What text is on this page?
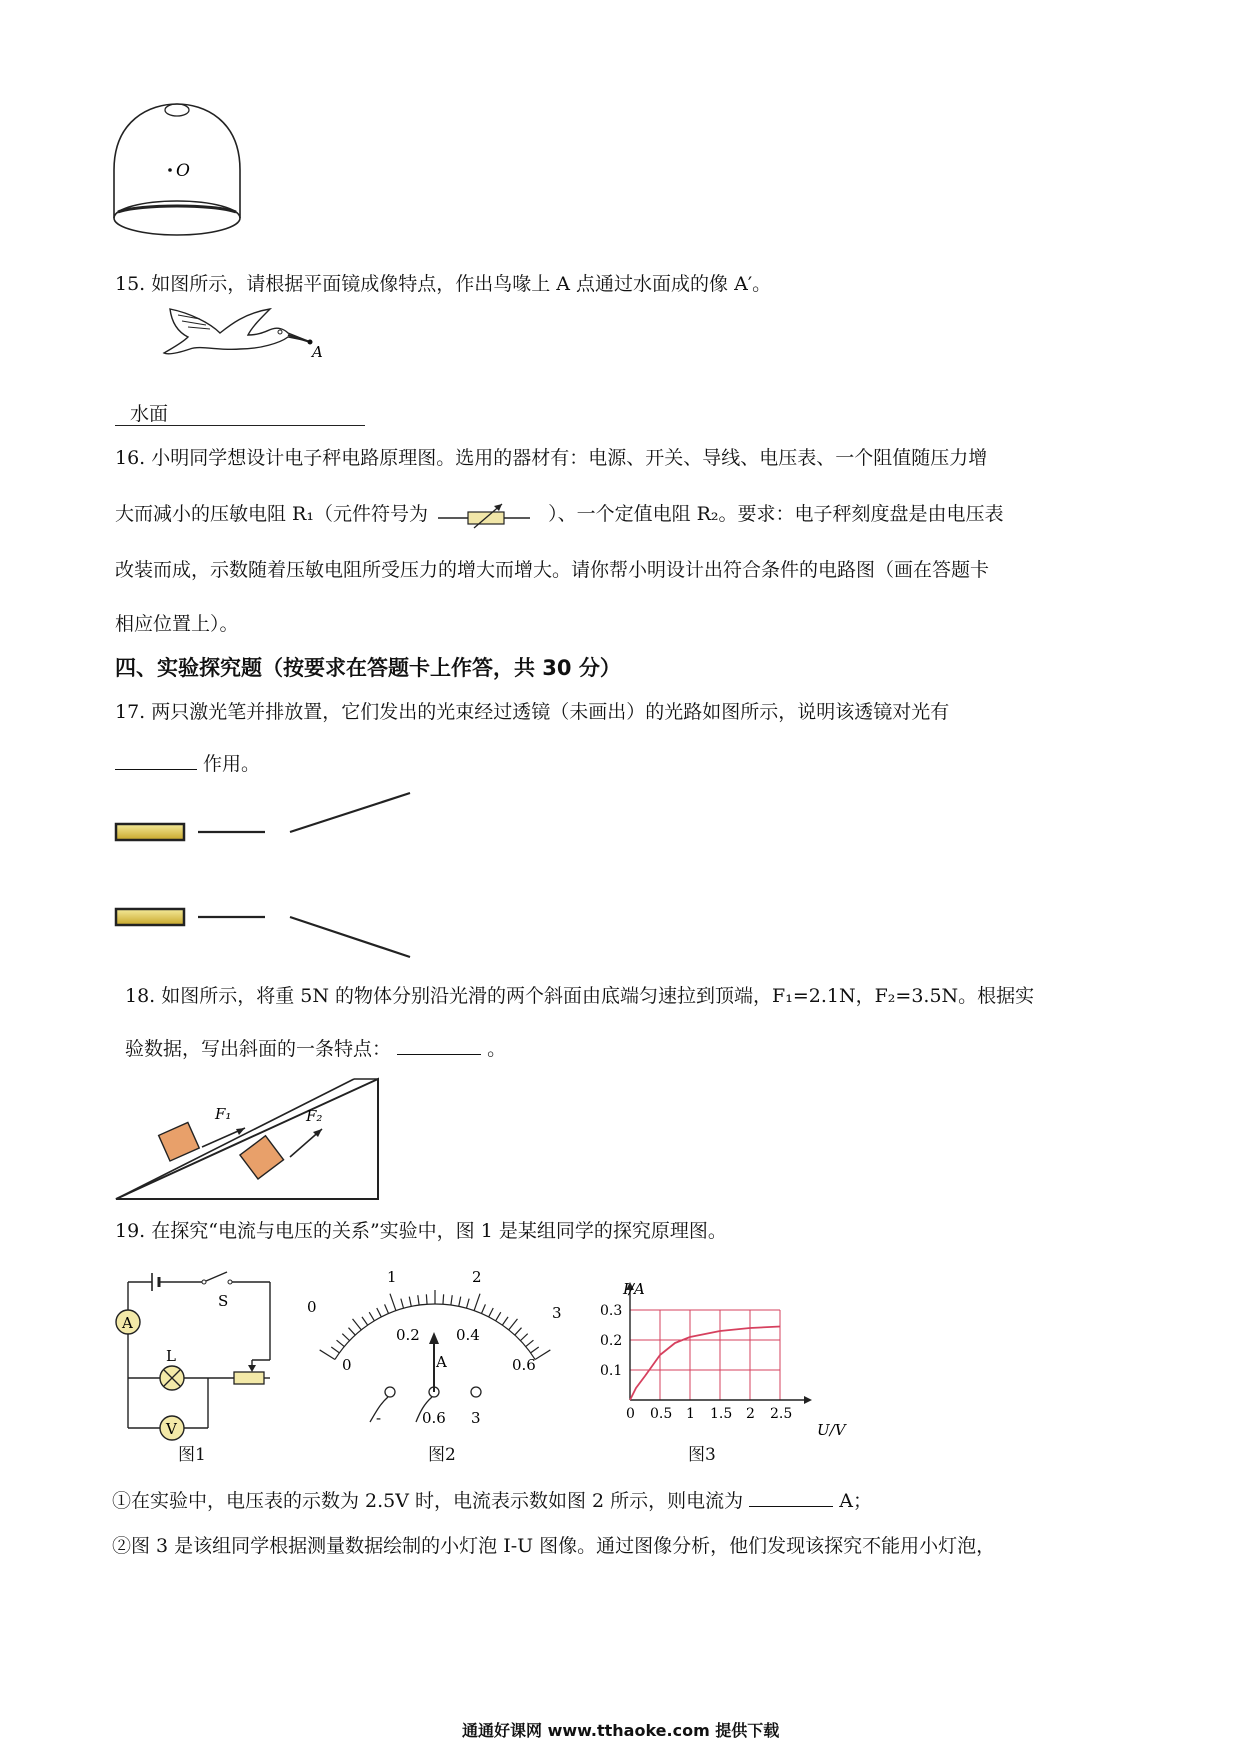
O
15. 如图所示，请根据平面镜成像特点，作出鸟喙上 A 点通过水面成的像 A′。
A
水面
16. 小明同学想设计电子秤电路原理图。选用的器材有：电源、开关、导线、电压表、一个阻值随压力增
大而减小的压敏电阻 R₁（元件符号为	）、一个定值电阻 R₂。要求：电子秤刻度盘是由电压表
改装而成，示数随着压敏电阻所受压力的增大而增大。请你帮小明设计出符合条件的电路图（画在答题卡
相应位置上）。
四、实验探究题（按要求在答题卡上作答，共 30 分）
17. 两只激光笔并排放置，它们发出的光束经过透镜（未画出）的光路如图所示，说明该透镜对光有
作用。
18. 如图所示，将重 5N 的物体分别沿光滑的两个斜面由底端匀速拉到顶端，F₁=2.1N，F₂=3.5N。根据实
验数据，写出斜面的一条特点：	。
F₁	F₂
19. 在探究“电流与电压的关系”实验中，图 1 是某组同学的探究原理图。
S
A
L
V
图1
0
1	2
3
0
0.2 0.4
0.6
A
-	0.6 3
图2
0 0.5 1 1.5 2 2.5
0.1
0.2
0.3
I/A
U/V
图3
①在实验中，电压表的示数为 2.5V 时，电流表示数如图 2 所示，则电流为	A；
②图 3 是该组同学根据测量数据绘制的小灯泡 I-U 图像。通过图像分析，他们发现该探究不能用小灯泡，
通通好课网 www.tthaoke.com 提供下载
